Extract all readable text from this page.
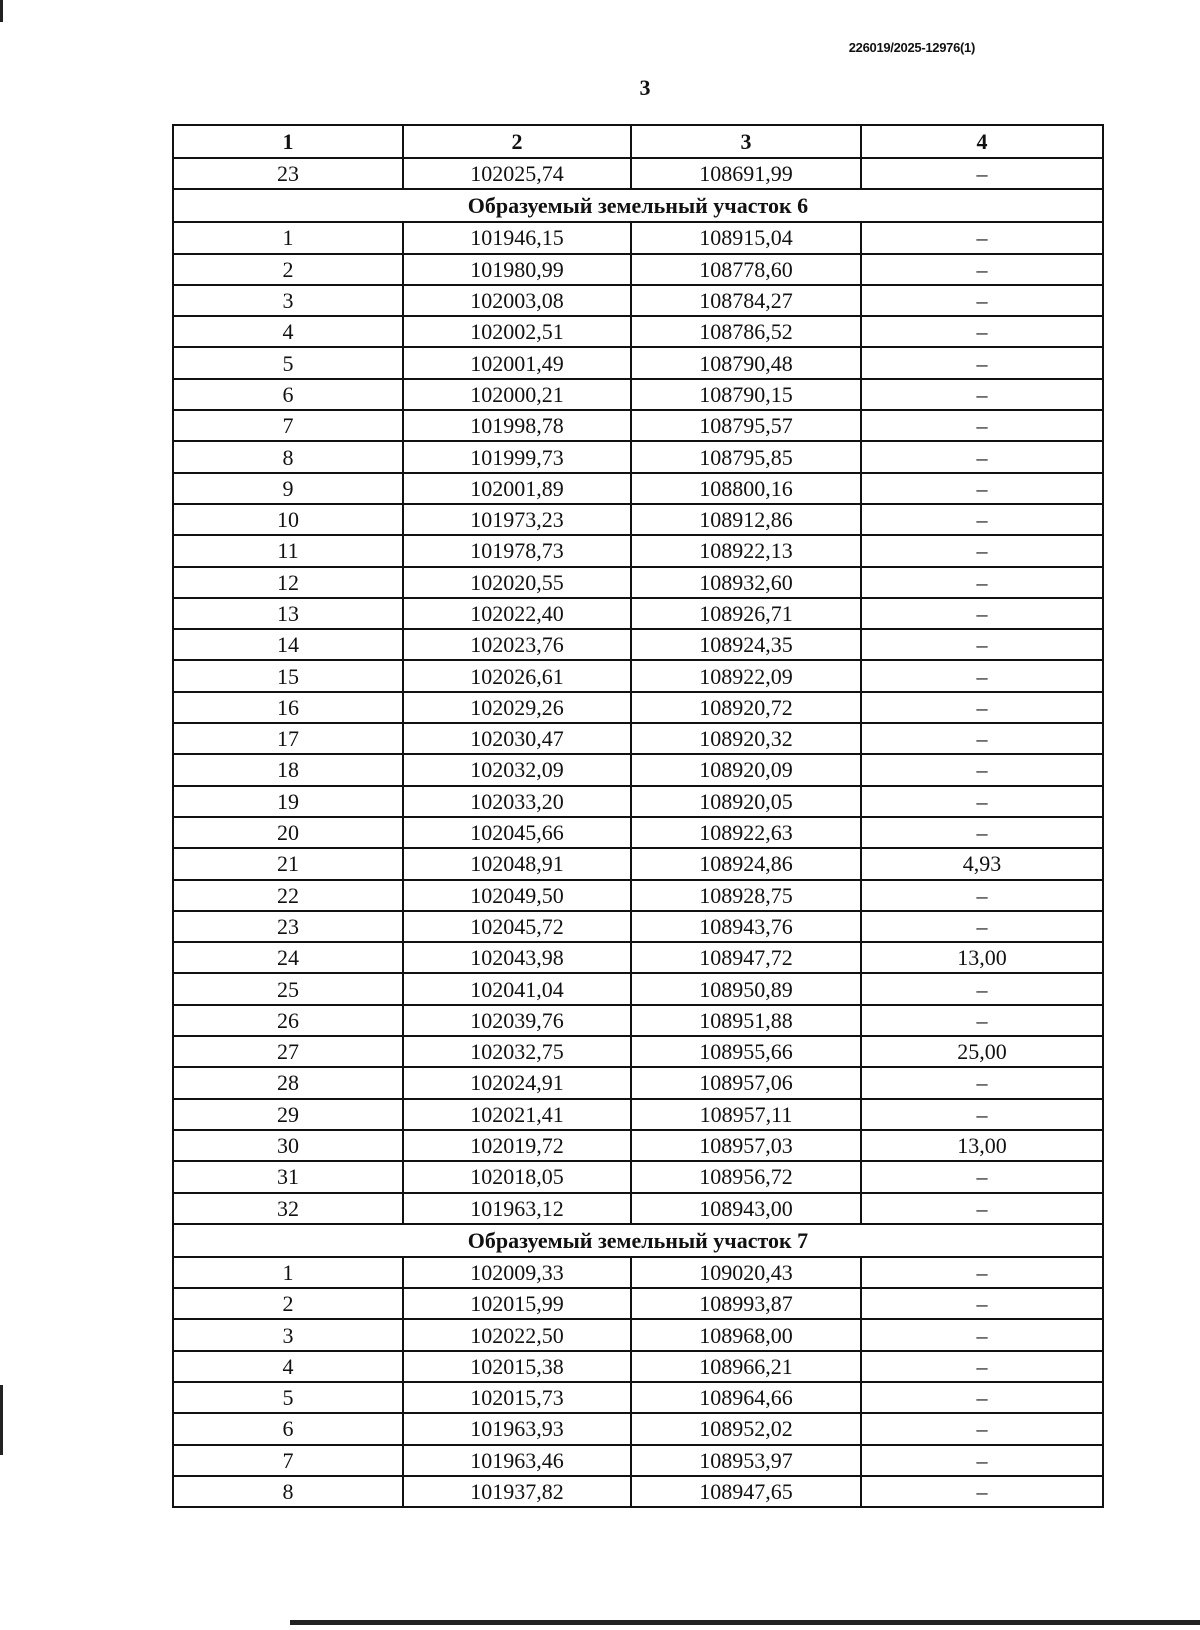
226019/2025-12976(1)
3
1	2	3	4
23	102025,74	108691,99	–
Образуемый земельный участок 6			
1	101946,15	108915,04	–
2	101980,99	108778,60	–
3	102003,08	108784,27	–
4	102002,51	108786,52	–
5	102001,49	108790,48	–
6	102000,21	108790,15	–
7	101998,78	108795,57	–
8	101999,73	108795,85	–
9	102001,89	108800,16	–
10	101973,23	108912,86	–
11	101978,73	108922,13	–
12	102020,55	108932,60	–
13	102022,40	108926,71	–
14	102023,76	108924,35	–
15	102026,61	108922,09	–
16	102029,26	108920,72	–
17	102030,47	108920,32	–
18	102032,09	108920,09	–
19	102033,20	108920,05	–
20	102045,66	108922,63	–
21	102048,91	108924,86	4,93
22	102049,50	108928,75	–
23	102045,72	108943,76	–
24	102043,98	108947,72	13,00
25	102041,04	108950,89	–
26	102039,76	108951,88	–
27	102032,75	108955,66	25,00
28	102024,91	108957,06	–
29	102021,41	108957,11	–
30	102019,72	108957,03	13,00
31	102018,05	108956,72	–
32	101963,12	108943,00	–
Образуемый земельный участок 7			
1	102009,33	109020,43	–
2	102015,99	108993,87	–
3	102022,50	108968,00	–
4	102015,38	108966,21	–
5	102015,73	108964,66	–
6	101963,93	108952,02	–
7	101963,46	108953,97	–
8	101937,82	108947,65	–
